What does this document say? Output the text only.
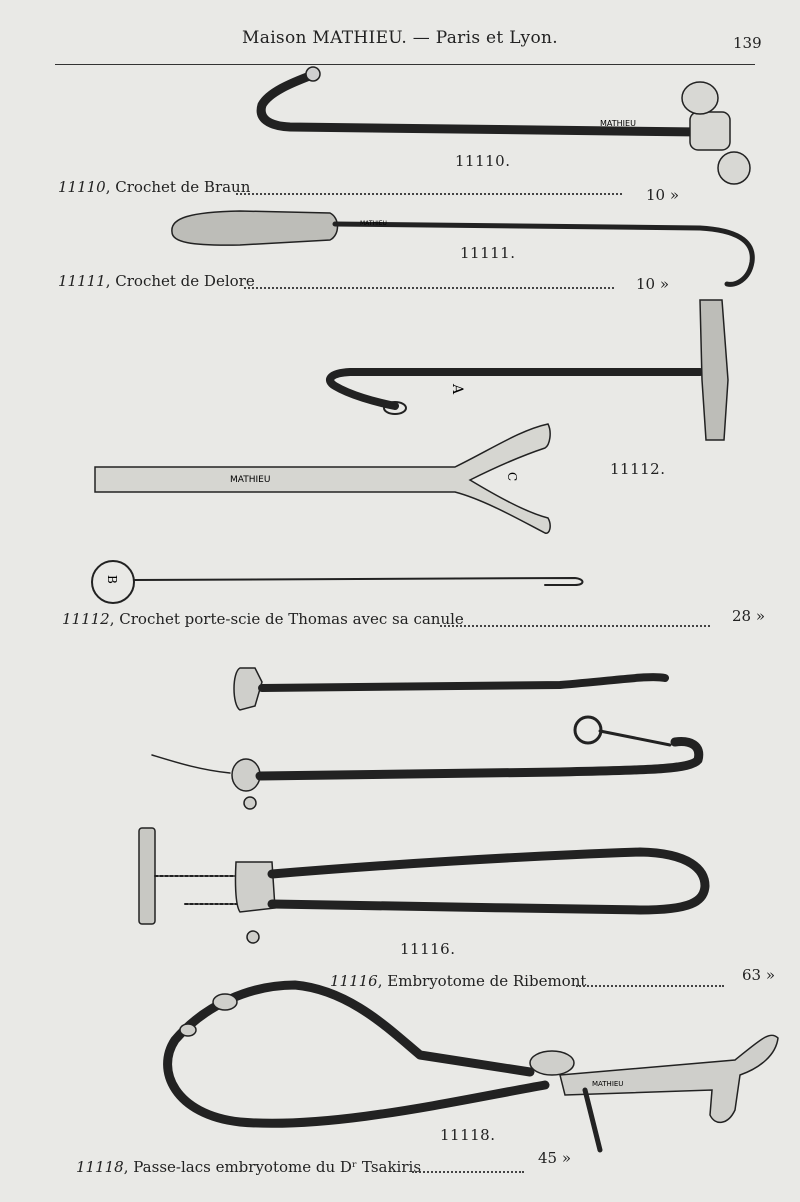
Maison MATHIEU. — Paris et Lyon.	139
MATHIEU
MATHIEU
A
MATHIEU	C
B
MATHIEU
11110.
11111.
11112.
11116.
11118.
11110, Crochet de Braun	10 »
11111, Crochet de Delore	10 »
11112, Crochet porte-scie de Thomas avec sa canule	28 »
11116, Embryotome de Ribemont	63 »
11118, Passe-lacs embryotome du Dʳ Tsakiris	45 »
